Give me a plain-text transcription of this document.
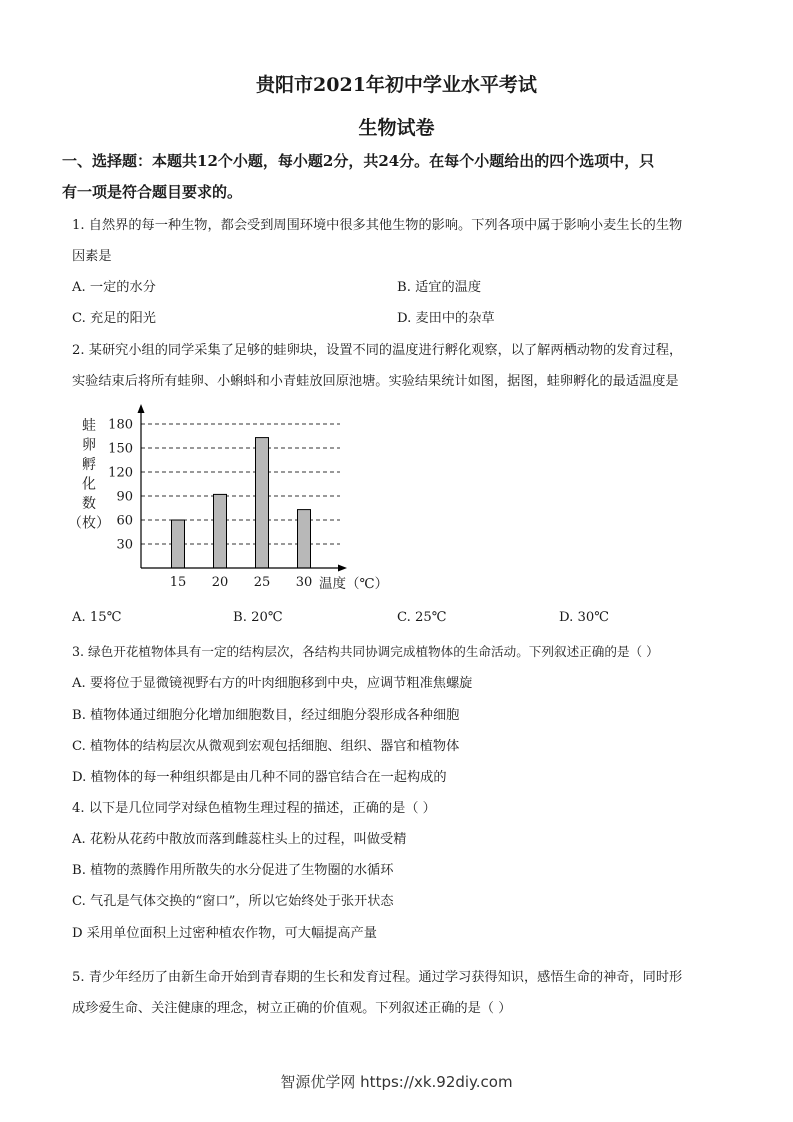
贵阳市2021年初中学业水平考试
生物试卷
一、选择题：本题共12个小题，每小题2分，共24分。在每个小题给出的四个选项中，只
有一项是符合题目要求的。
1. 自然界的每一种生物，都会受到周围环境中很多其他生物的影响。下列各项中属于影响小麦生长的生物
因素是
A. 一定的水分	B. 适宜的温度
C. 充足的阳光	D. 麦田中的杂草
2. 某研究小组的同学采集了足够的蛙卵块，设置不同的温度进行孵化观察，以了解两栖动物的发育过程，
实验结束后将所有蛙卵、小蝌蚪和小青蛙放回原池塘。实验结果统计如图，据图，蛙卵孵化的最适温度是
蛙
卵
孵
化
数
（枚）
30
60
90
120
150
180
15 20 25 30 温度（℃）
A. 15℃	B. 20℃	C. 25℃	D. 30℃
3. 绿色开花植物体具有一定的结构层次，各结构共同协调完成植物体的生命活动。下列叙述正确的是（ ）
A. 要将位于显微镜视野右方的叶肉细胞移到中央，应调节粗准焦螺旋
B. 植物体通过细胞分化增加细胞数目，经过细胞分裂形成各种细胞
C. 植物体的结构层次从微观到宏观包括细胞、组织、器官和植物体
D. 植物体的每一种组织都是由几种不同的器官结合在一起构成的
4. 以下是几位同学对绿色植物生理过程的描述，正确的是（ ）
A. 花粉从花药中散放而落到雌蕊柱头上的过程，叫做受精
B. 植物的蒸腾作用所散失的水分促进了生物圈的水循环
C. 气孔是气体交换的“窗口”，所以它始终处于张开状态
D 采用单位面积上过密种植农作物，可大幅提高产量
5. 青少年经历了由新生命开始到青春期的生长和发育过程。通过学习获得知识，感悟生命的神奇，同时形
成珍爱生命、关注健康的理念，树立正确的价值观。下列叙述正确的是（ ）
智源优学网 https://xk.92diy.com
